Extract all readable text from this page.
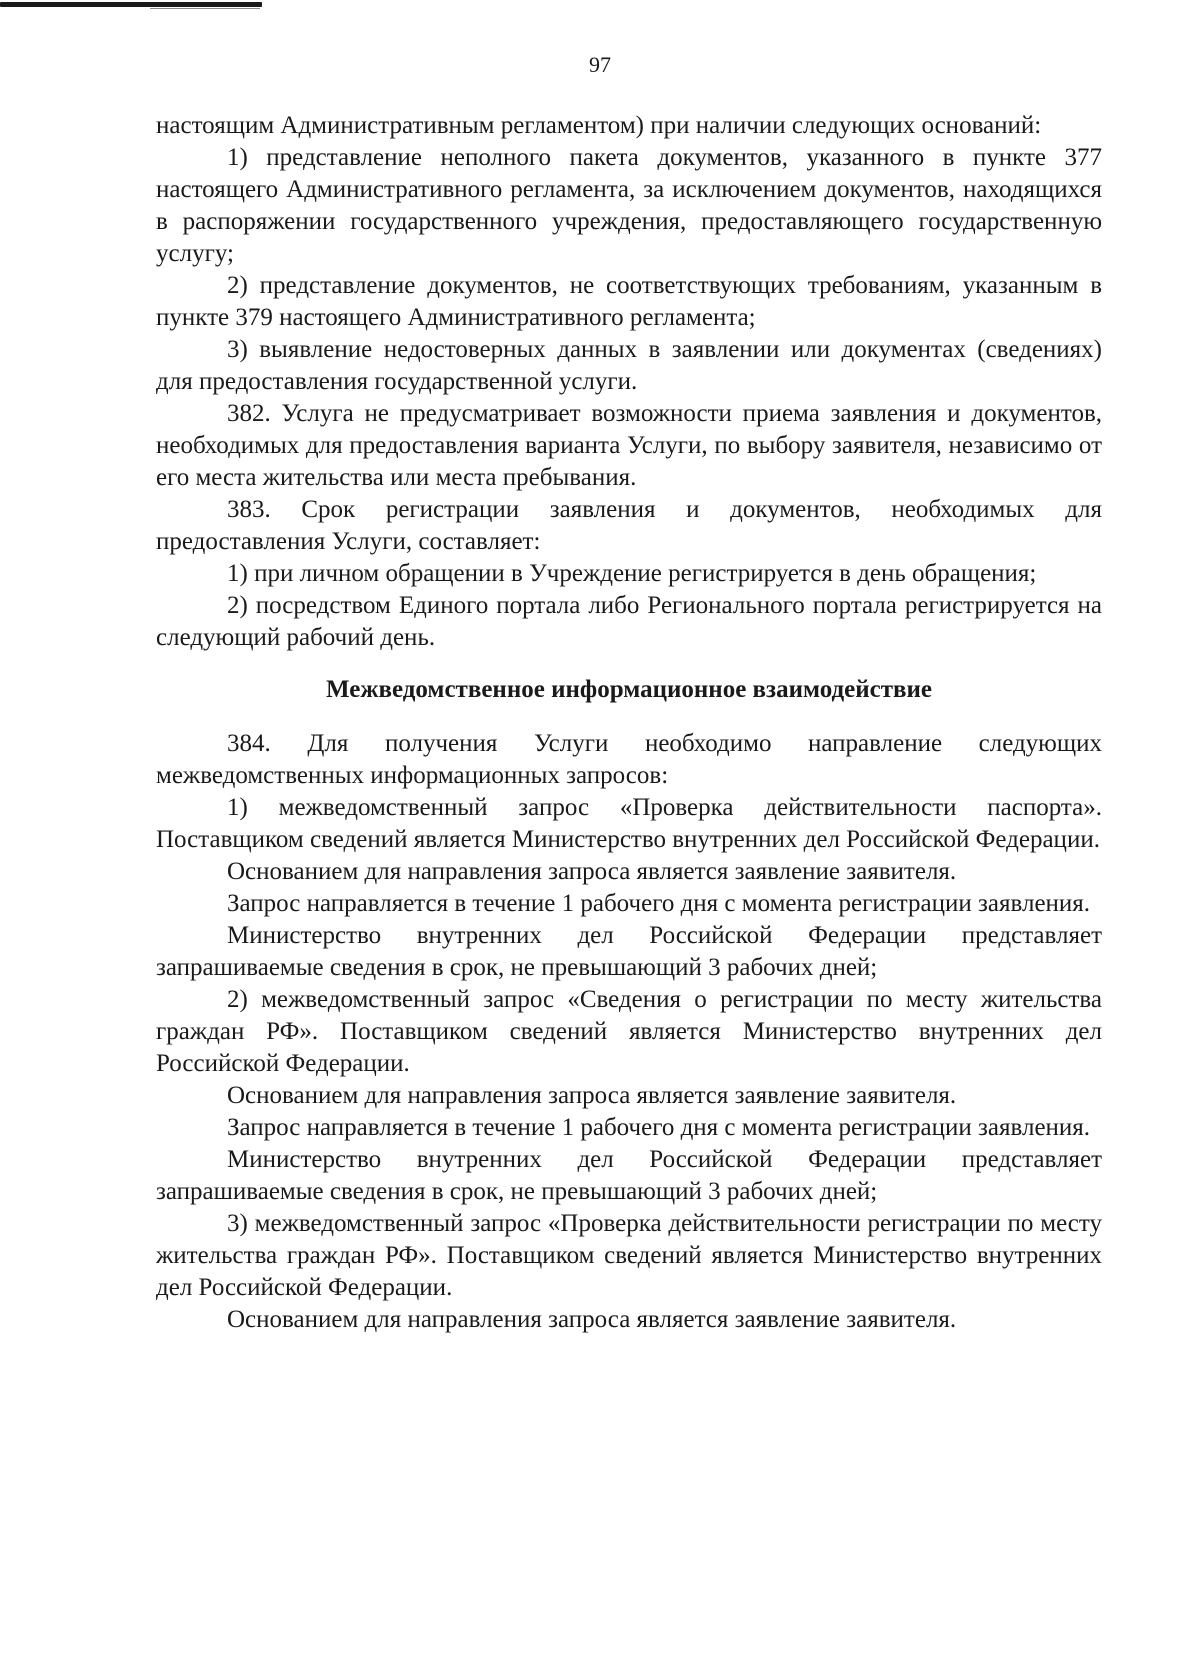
97

настоящим Административным регламентом) при наличии следующих оснований:

1) представление неполного пакета документов, указанного в пункте 377 настоящего Административного регламента, за исключением документов, находящихся в распоряжении государственного учреждения, предоставляющего государственную услугу;

2) представление документов, не соответствующих требованиям, указанным в пункте 379 настоящего Административного регламента;

3) выявление недостоверных данных в заявлении или документах (сведениях) для предоставления государственной услуги.

382. Услуга не предусматривает возможности приема заявления и документов, необходимых для предоставления варианта Услуги, по выбору заявителя, независимо от его места жительства или места пребывания.

383. Срок регистрации заявления и документов, необходимых для предоставления Услуги, составляет:

1) при личном обращении в Учреждение регистрируется в день обращения;

2) посредством Единого портала либо Регионального портала регистрируется на следующий рабочий день.

Межведомственное информационное взаимодействие

384. Для получения Услуги необходимо направление следующих межведомственных информационных запросов:

1) межведомственный запрос «Проверка действительности паспорта». Поставщиком сведений является Министерство внутренних дел Российской Федерации.

Основанием для направления запроса является заявление заявителя.

Запрос направляется в течение 1 рабочего дня с момента регистрации заявления.

Министерство внутренних дел Российской Федерации представляет запрашиваемые сведения в срок, не превышающий 3 рабочих дней;

2) межведомственный запрос «Сведения о регистрации по месту жительства граждан РФ». Поставщиком сведений является Министерство внутренних дел Российской Федерации.

Основанием для направления запроса является заявление заявителя.

Запрос направляется в течение 1 рабочего дня с момента регистрации заявления.

Министерство внутренних дел Российской Федерации представляет запрашиваемые сведения в срок, не превышающий 3 рабочих дней;

3) межведомственный запрос «Проверка действительности регистрации по месту жительства граждан РФ». Поставщиком сведений является Министерство внутренних дел Российской Федерации.

Основанием для направления запроса является заявление заявителя.
